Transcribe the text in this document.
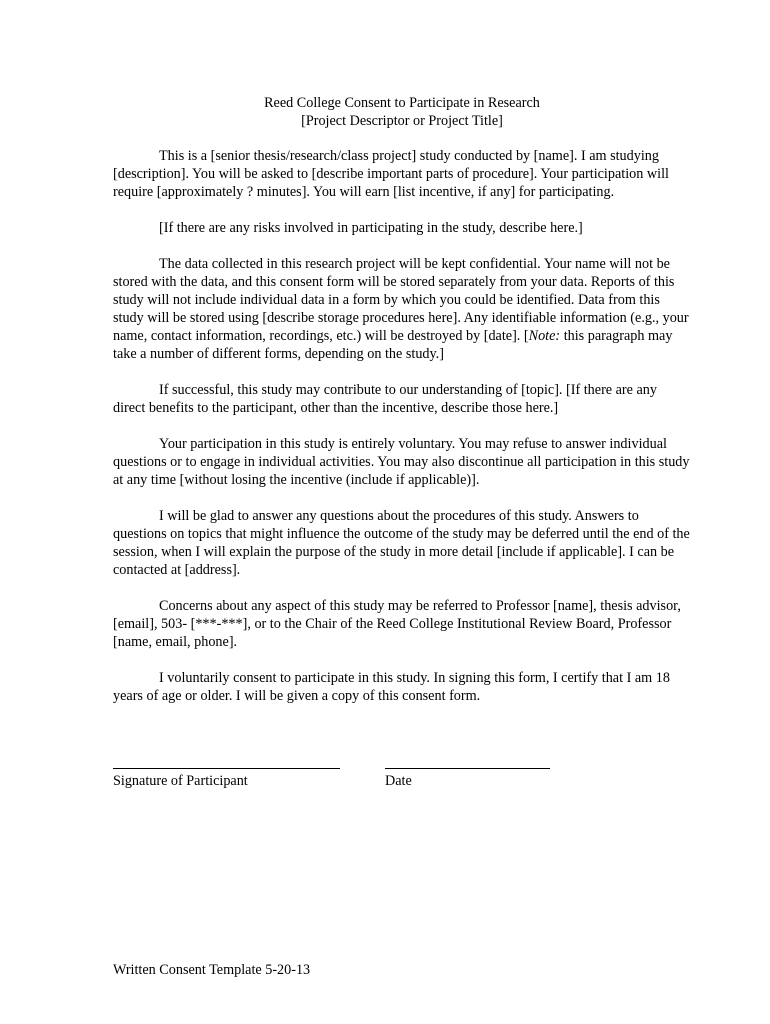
Reed College Consent to Participate in Research
[Project Descriptor or Project Title]

This is a [senior thesis/research/class project] study conducted by [name]. I am studying [description]. You will be asked to [describe important parts of procedure]. Your participation will require [approximately ? minutes]. You will earn [list incentive, if any] for participating.

[If there are any risks involved in participating in the study, describe here.]

The data collected in this research project will be kept confidential. Your name will not be stored with the data, and this consent form will be stored separately from your data. Reports of this study will not include individual data in a form by which you could be identified. Data from this study will be stored using [describe storage procedures here]. Any identifiable information (e.g., your name, contact information, recordings, etc.) will be destroyed by [date]. [Note: this paragraph may take a number of different forms, depending on the study.]

If successful, this study may contribute to our understanding of [topic]. [If there are any direct benefits to the participant, other than the incentive, describe those here.]

Your participation in this study is entirely voluntary. You may refuse to answer individual questions or to engage in individual activities. You may also discontinue all participation in this study at any time [without losing the incentive (include if applicable)].

I will be glad to answer any questions about the procedures of this study. Answers to questions on topics that might influence the outcome of the study may be deferred until the end of the session, when I will explain the purpose of the study in more detail [include if applicable]. I can be contacted at [address].

Concerns about any aspect of this study may be referred to Professor [name], thesis advisor, [email], 503- [***-***], or to the Chair of the Reed College Institutional Review Board, Professor [name, email, phone].

I voluntarily consent to participate in this study. In signing this form, I certify that I am 18 years of age or older. I will be given a copy of this consent form.

Signature of Participant	Date
Written Consent Template 5-20-13
